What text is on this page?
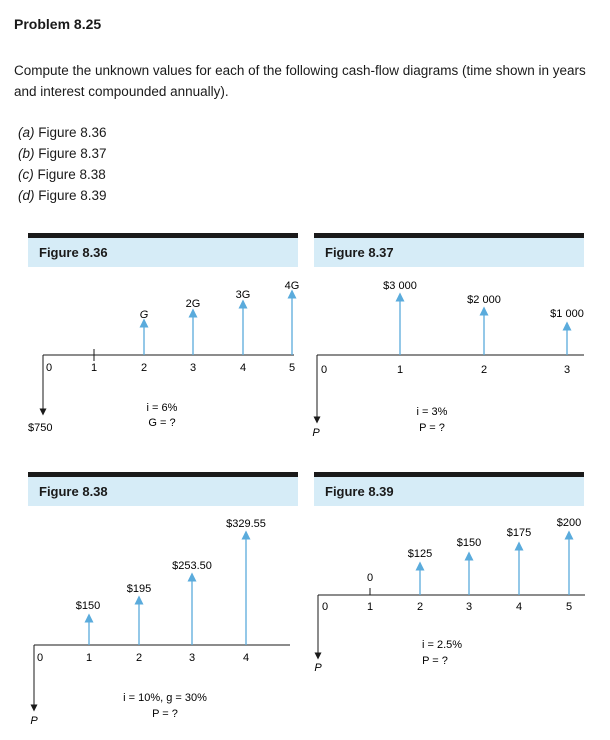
Problem 8.25
Compute the unknown values for each of the following cash-flow diagrams (time shown in years and interest compounded annually).
(a) Figure 8.36
(b) Figure 8.37
(c) Figure 8.38
(d) Figure 8.39
Figure 8.36	Figure 8.37
Figure 8.38	Figure 8.39
0	1	2	3	4	5
G
2G
3G
4G
$750
i = 6%
G = ?
0	1	2	3
$3 000
$2 000
$1 000
P
i = 3%
P = ?
0	1	2	3	4
$150
$195
$253.50
$329.55
P
i = 10%, g = 30%
P = ?
0
0
1	2	3	4	5
$125
$150
$175
$200
P
i = 2.5%
P = ?
